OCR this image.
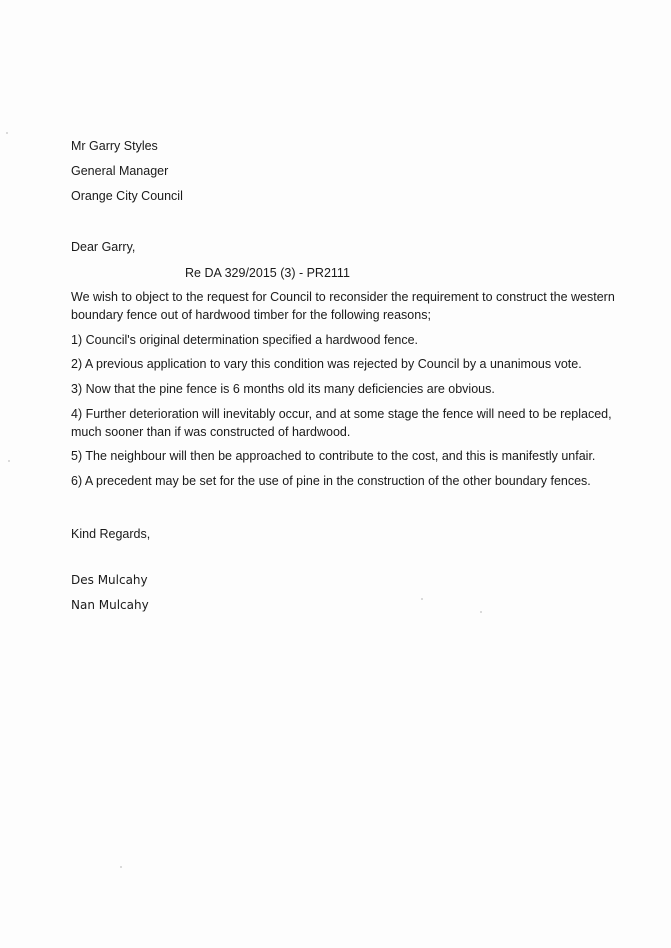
Mr Garry Styles
General Manager
Orange City Council
Dear Garry,
Re DA 329/2015 (3) - PR2111
We wish to object to the request for Council to reconsider the requirement to construct the western
boundary fence out of hardwood timber for the following reasons;
1) Council's original determination specified a hardwood fence.
2) A previous application to vary this condition was rejected by Council by a unanimous vote.
3) Now that the pine fence is 6 months old its many deficiencies are obvious.
4) Further deterioration will inevitably occur, and at some stage the fence will need to be replaced,
much sooner than if was constructed of hardwood.
5) The neighbour will then be approached to contribute to the cost, and this is manifestly unfair.
6) A precedent may be set for the use of pine in the construction of the other boundary fences.
Kind Regards,
Des Mulcahy
Nan Mulcahy
